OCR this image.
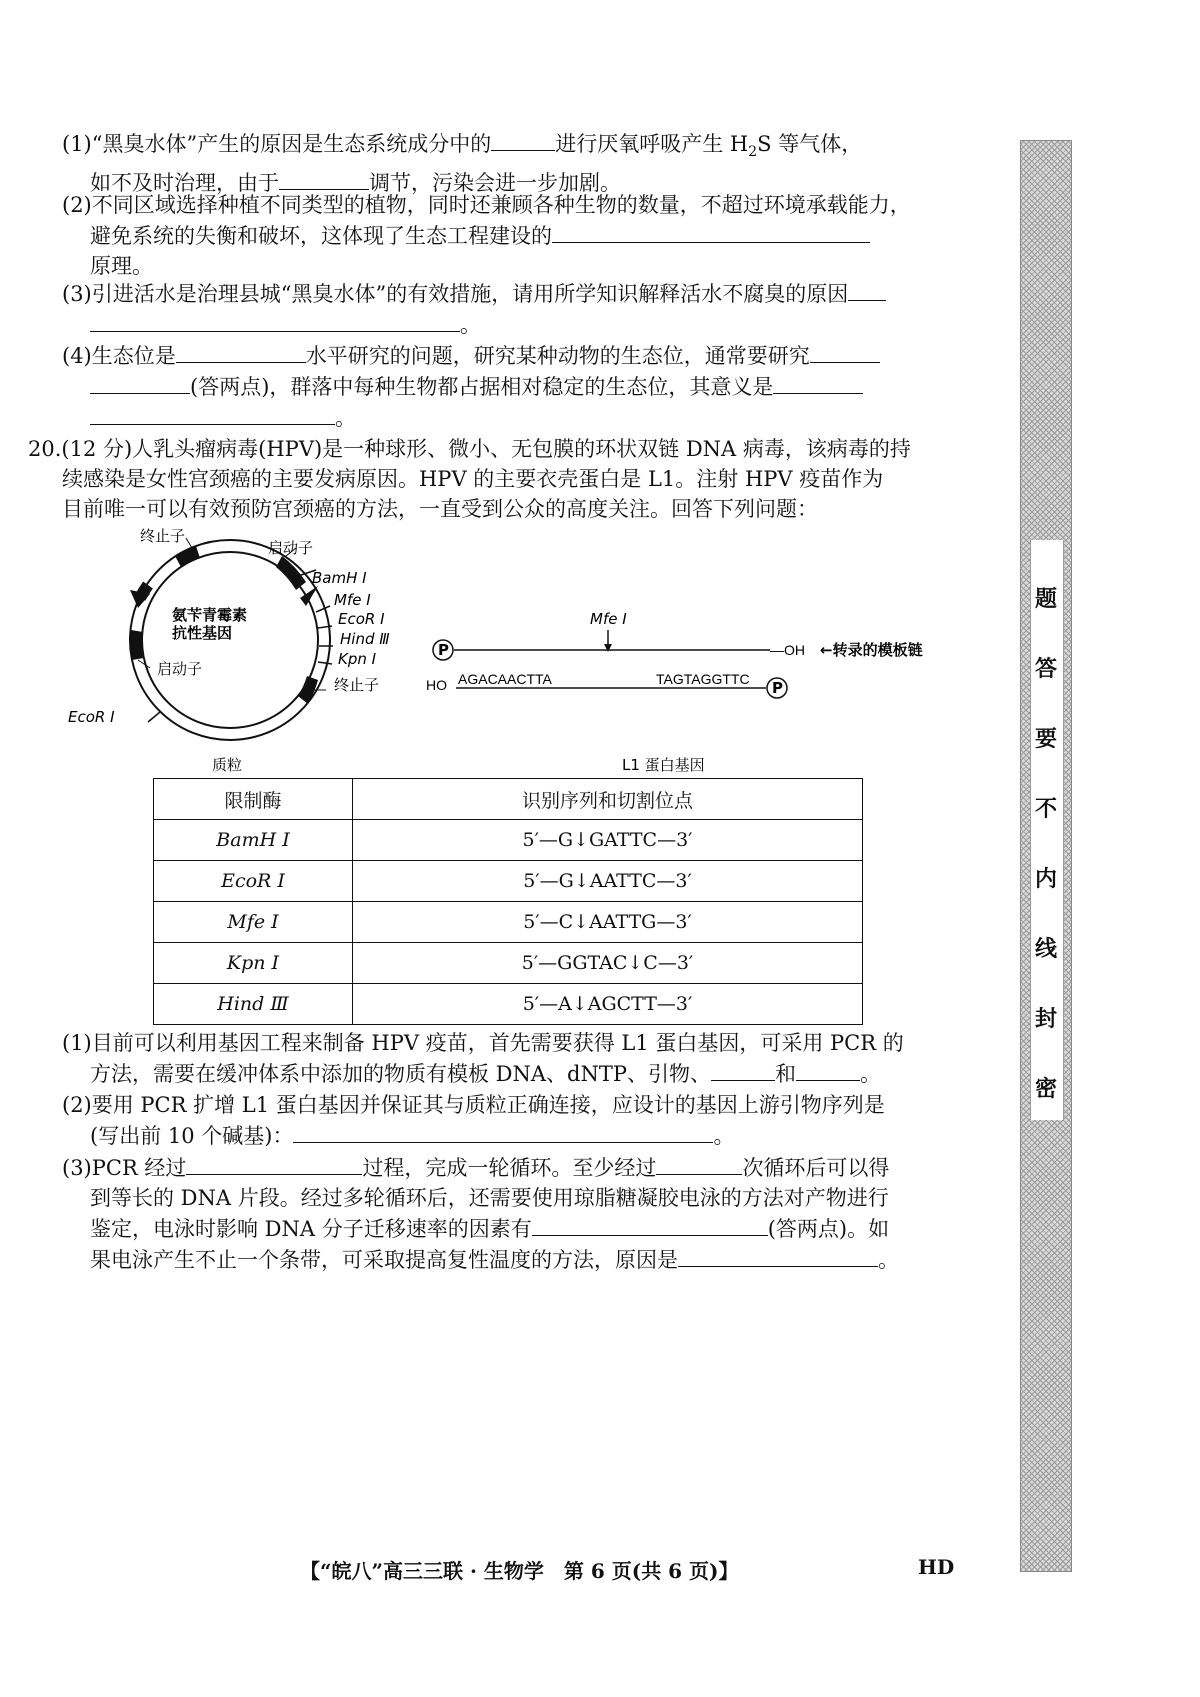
(1)“黑臭水体”产生的原因是生态系统成分中的	进行厌氧呼吸产生 $H_2S$ 等气体，
如不及时治理，由于	调节，污染会进一步加剧。
(2)不同区域选择种植不同类型的植物，同时还兼顾各种生物的数量，不超过环境承载能力，
避免系统的失衡和破坏，这体现了生态工程建设的
原理。
(3)引进活水是治理县城“黑臭水体”的有效措施，请用所学知识解释活水不腐臭的原因
。
(4)生态位是	水平研究的问题，研究某种动物的生态位，通常要研究
(答两点)，群落中每种生物都占据相对稳定的生态位，其意义是
。
20.(12 分)人乳头瘤病毒(HPV)是一种球形、微小、无包膜的环状双链 DNA 病毒，该病毒的持
续感染是女性宫颈癌的主要发病原因。HPV 的主要衣壳蛋白是 L1。注射 HPV 疫苗作为
目前唯一可以有效预防宫颈癌的方法，一直受到公众的高度关注。回答下列问题：
终止子
启动子
氨苄青霉素
抗性基因
启动子
终止子
BamH Ⅰ
Mfe Ⅰ
EcoR Ⅰ
Hind Ⅲ
Kpn Ⅰ
EcoR Ⅰ
质粒
Mfe Ⅰ
P	—OH ←转录的模板链
HO AGACAACTTA	TAGTAGGTTC P
L1 蛋白基因
限制酶	识别序列和切割位点
BamH Ⅰ	5′—G↓GATTC—3′
EcoR Ⅰ	5′—G↓AATTC—3′
Mfe Ⅰ	5′—C↓AATTG—3′
Kpn Ⅰ	5′—GGTAC↓C—3′
Hind Ⅲ	5′—A↓AGCTT—3′
(1)目前可以利用基因工程来制备 HPV 疫苗，首先需要获得 L1 蛋白基因，可采用 PCR 的
方法，需要在缓冲体系中添加的物质有模板 DNA、dNTP、引物、	和	。
(2)要用 PCR 扩增 L1 蛋白基因并保证其与质粒正确连接，应设计的基因上游引物序列是
(写出前 10 个碱基)：	。
(3)PCR 经过	过程，完成一轮循环。至少经过	次循环后可以得
到等长的 DNA 片段。经过多轮循环后，还需要使用琼脂糖凝胶电泳的方法对产物进行
鉴定，电泳时影响 DNA 分子迁移速率的因素有	(答两点)。如
果电泳产生不止一个条带，可采取提高复性温度的方法，原因是	。
密
封
线
内
不
要
答
题
【“皖八”高三三联 · 生物学　第 6 页(共 6 页)】	HD
